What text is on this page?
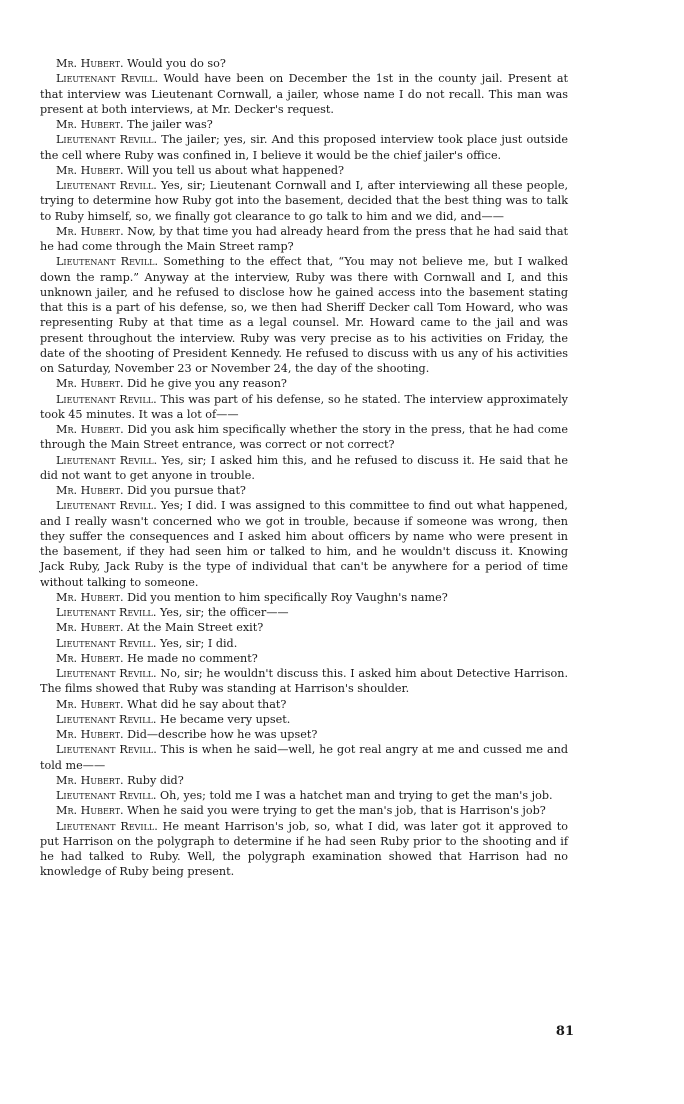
Mr. Hubert. Would you do so?

Lieutenant Revill. Would have been on December the 1st in the county jail. Present at that interview was Lieutenant Cornwall, a jailer, whose name I do not recall. This man was present at both interviews, at Mr. Decker's request.

Mr. Hubert. The jailer was?

Lieutenant Revill. The jailer; yes, sir. And this proposed interview took place just outside the cell where Ruby was confined in, I believe it would be the chief jailer's office.

Mr. Hubert. Will you tell us about what happened?

Lieutenant Revill. Yes, sir; Lieutenant Cornwall and I, after interviewing all these people, trying to determine how Ruby got into the basement, decided that the best thing was to talk to Ruby himself, so, we finally got clearance to go talk to him and we did, and——

Mr. Hubert. Now, by that time you had already heard from the press that he had said that he had come through the Main Street ramp?

Lieutenant Revill. Something to the effect that, “You may not believe me, but I walked down the ramp.” Anyway at the interview, Ruby was there with Cornwall and I, and this unknown jailer, and he refused to disclose how he gained access into the basement stating that this is a part of his defense, so, we then had Sheriff Decker call Tom Howard, who was representing Ruby at that time as a legal counsel. Mr. Howard came to the jail and was present throughout the interview. Ruby was very precise as to his activities on Friday, the date of the shooting of President Kennedy. He refused to discuss with us any of his activities on Saturday, November 23 or November 24, the day of the shooting.

Mr. Hubert. Did he give you any reason?

Lieutenant Revill. This was part of his defense, so he stated. The interview approximately took 45 minutes. It was a lot of——

Mr. Hubert. Did you ask him specifically whether the story in the press, that he had come through the Main Street entrance, was correct or not correct?

Lieutenant Revill. Yes, sir; I asked him this, and he refused to discuss it. He said that he did not want to get anyone in trouble.

Mr. Hubert. Did you pursue that?

Lieutenant Revill. Yes; I did. I was assigned to this committee to find out what happened, and I really wasn't concerned who we got in trouble, because if someone was wrong, then they suffer the consequences and I asked him about officers by name who were present in the basement, if they had seen him or talked to him, and he wouldn't discuss it. Knowing Jack Ruby, Jack Ruby is the type of individual that can't be anywhere for a period of time without talking to someone.

Mr. Hubert. Did you mention to him specifically Roy Vaughn's name?

Lieutenant Revill. Yes, sir; the officer——

Mr. Hubert. At the Main Street exit?

Lieutenant Revill. Yes, sir; I did.

Mr. Hubert. He made no comment?

Lieutenant Revill. No, sir; he wouldn't discuss this. I asked him about Detective Harrison. The films showed that Ruby was standing at Harrison's shoulder.

Mr. Hubert. What did he say about that?

Lieutenant Revill. He became very upset.

Mr. Hubert. Did—describe how he was upset?

Lieutenant Revill. This is when he said—well, he got real angry at me and cussed me and told me——

Mr. Hubert. Ruby did?

Lieutenant Revill. Oh, yes; told me I was a hatchet man and trying to get the man's job.

Mr. Hubert. When he said you were trying to get the man's job, that is Harrison's job?

Lieutenant Revill. He meant Harrison's job, so, what I did, was later got it approved to put Harrison on the polygraph to determine if he had seen Ruby prior to the shooting and if he had talked to Ruby. Well, the polygraph examination showed that Harrison had no knowledge of Ruby being present.

81
